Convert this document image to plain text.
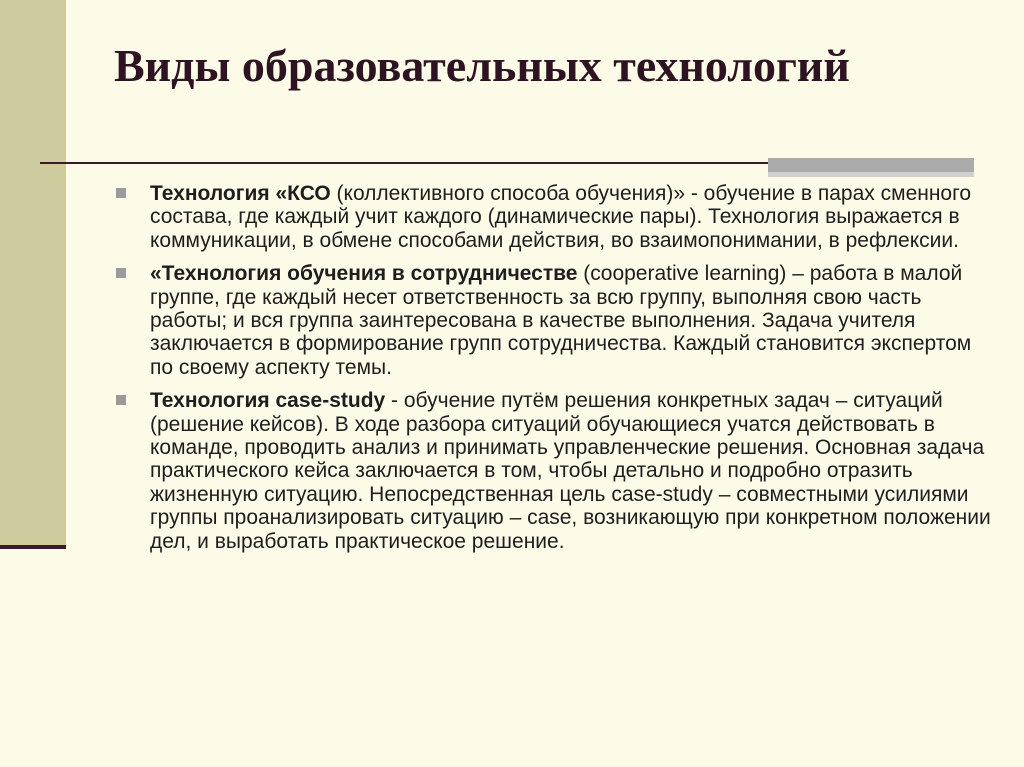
Виды образовательных технологий
Технология «КСО (коллективного способа обучения)» - обучение в парах сменного состава, где каждый учит каждого (динамические пары). Технология выражается в коммуникации, в обмене способами действия, во взаимопонимании, в рефлексии.
«Технология обучения в сотрудничестве (cooperative learning) – работа в малой группе, где каждый несет ответственность за всю группу, выполняя свою часть работы; и вся группа заинтересована в качестве выполнения. Задача учителя заключается в формирование групп сотрудничества. Каждый становится экспертом по своему аспекту темы.
Технология case-study - обучение путём решения конкретных задач – ситуаций (решение кейсов). В ходе разбора ситуаций обучающиеся учатся действовать в команде, проводить анализ и принимать управленческие решения. Основная задача практического кейса заключается в том, чтобы детально и подробно отразить жизненную ситуацию. Непосредственная цель case-study – совместными усилиями группы проанализировать ситуацию – case, возникающую при конкретном положении дел, и выработать практическое решение.
